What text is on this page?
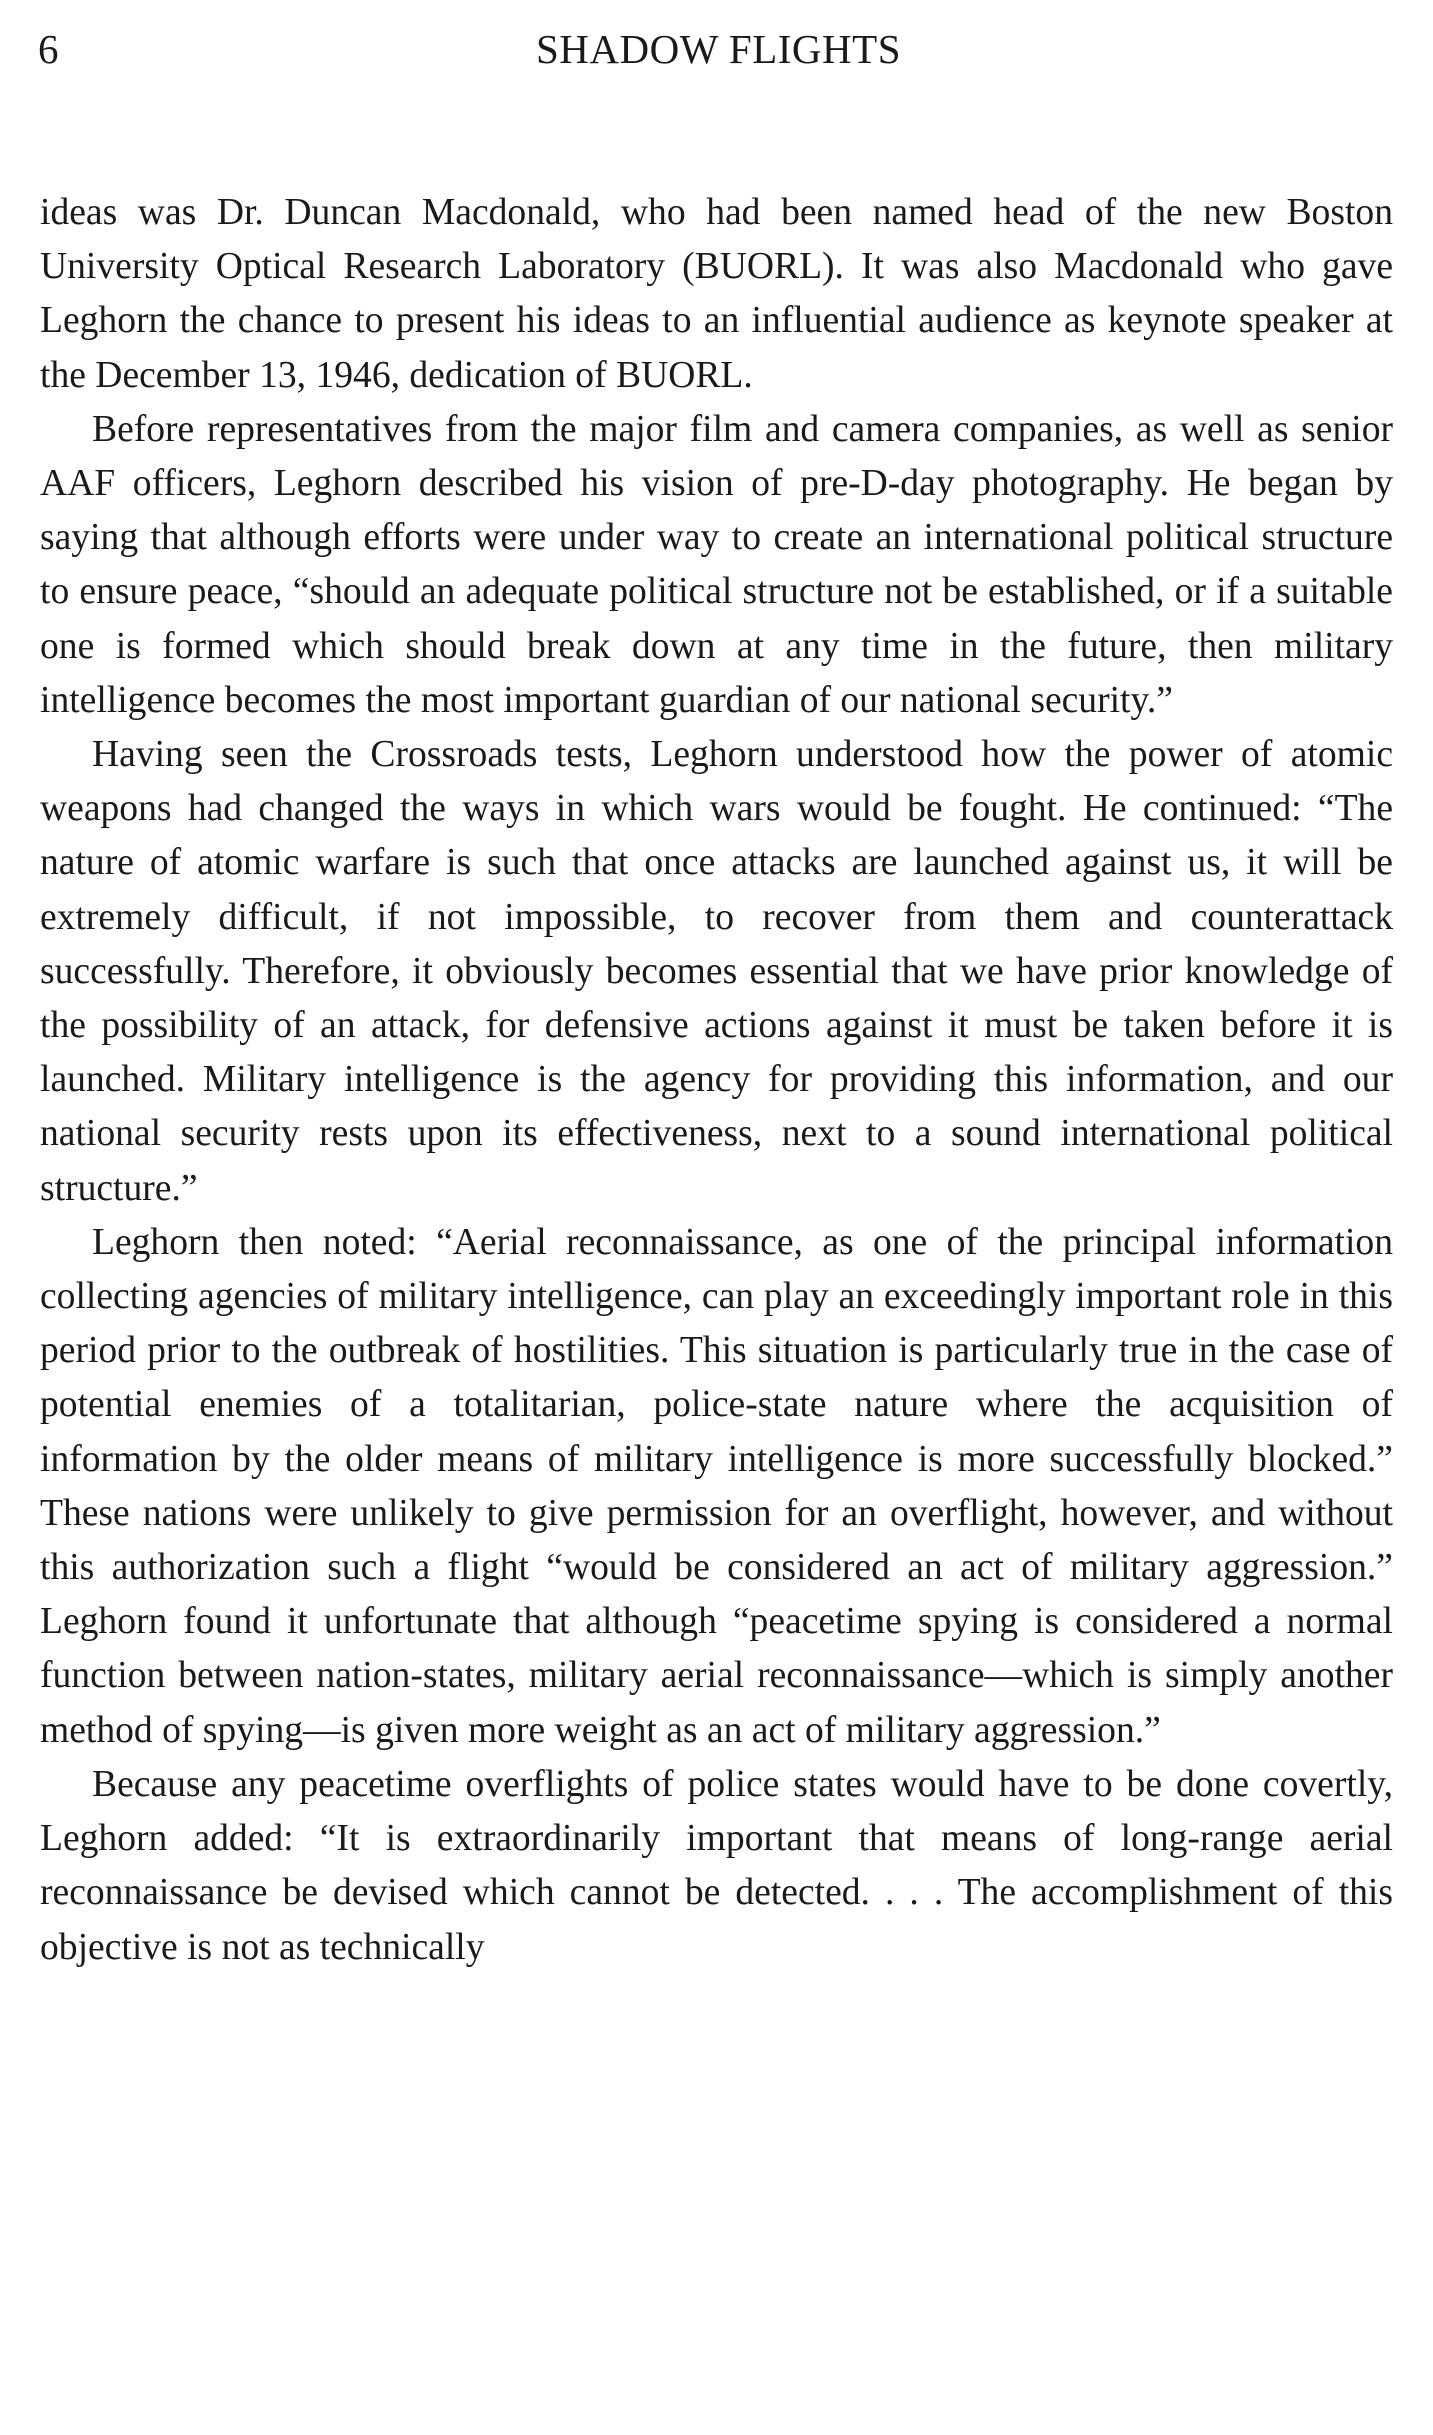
6	SHADOW FLIGHTS

ideas was Dr. Duncan Macdonald, who had been named head of the new Boston University Optical Research Laboratory (BUORL). It was also Macdonald who gave Leghorn the chance to present his ideas to an influential audience as keynote speaker at the December 13, 1946, dedication of BUORL.

Before representatives from the major film and camera companies, as well as senior AAF officers, Leghorn described his vision of pre-D-day photography. He began by saying that although efforts were under way to create an international political structure to ensure peace, “should an adequate political structure not be established, or if a suitable one is formed which should break down at any time in the future, then military intelligence becomes the most important guardian of our national security.”

Having seen the Crossroads tests, Leghorn understood how the power of atomic weapons had changed the ways in which wars would be fought. He continued: “The nature of atomic warfare is such that once attacks are launched against us, it will be extremely difficult, if not impossible, to recover from them and counterattack successfully. Therefore, it obviously becomes essential that we have prior knowledge of the possibility of an attack, for defensive actions against it must be taken before it is launched. Military intelligence is the agency for providing this information, and our national security rests upon its effectiveness, next to a sound international political structure.”

Leghorn then noted: “Aerial reconnaissance, as one of the principal information collecting agencies of military intelligence, can play an exceedingly important role in this period prior to the outbreak of hostilities. This situation is particularly true in the case of potential enemies of a totalitarian, police-state nature where the acquisition of information by the older means of military intelligence is more successfully blocked.” These nations were unlikely to give permission for an overflight, however, and without this authorization such a flight “would be considered an act of military aggression.” Leghorn found it unfortunate that although “peacetime spying is considered a normal function between nation-states, military aerial reconnaissance—which is simply another method of spying—is given more weight as an act of military aggression.”

Because any peacetime overflights of police states would have to be done covertly, Leghorn added: “It is extraordinarily important that means of long-range aerial reconnaissance be devised which cannot be detected. . . . The accomplishment of this objective is not as technically
